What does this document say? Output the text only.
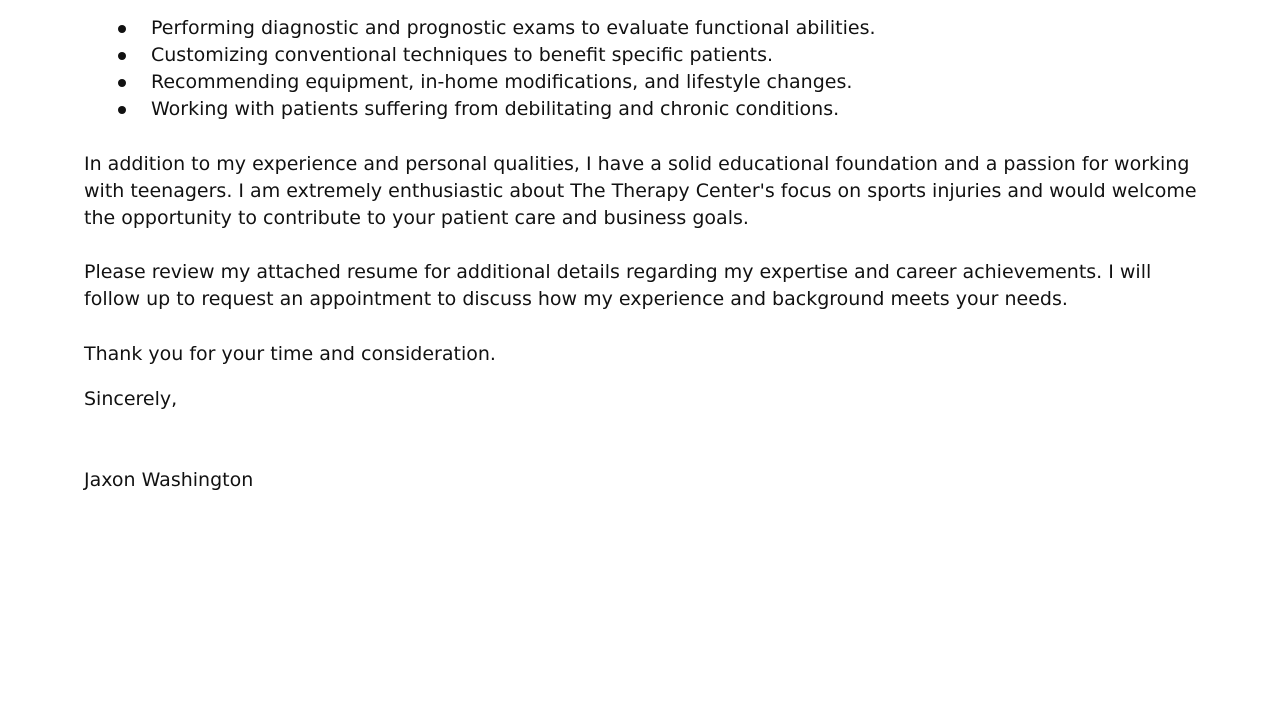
Performing diagnostic and prognostic exams to evaluate functional abilities.
Customizing conventional techniques to benefit specific patients.
Recommending equipment, in-home modifications, and lifestyle changes.
Working with patients suffering from debilitating and chronic conditions.

In addition to my experience and personal qualities, I have a solid educational foundation and a passion for working with teenagers. I am extremely enthusiastic about The Therapy Center's focus on sports injuries and would welcome the opportunity to contribute to your patient care and business goals.

Please review my attached resume for additional details regarding my expertise and career achievements. I will follow up to request an appointment to discuss how my experience and background meets your needs.

Thank you for your time and consideration.

Sincerely,

Jaxon Washington
